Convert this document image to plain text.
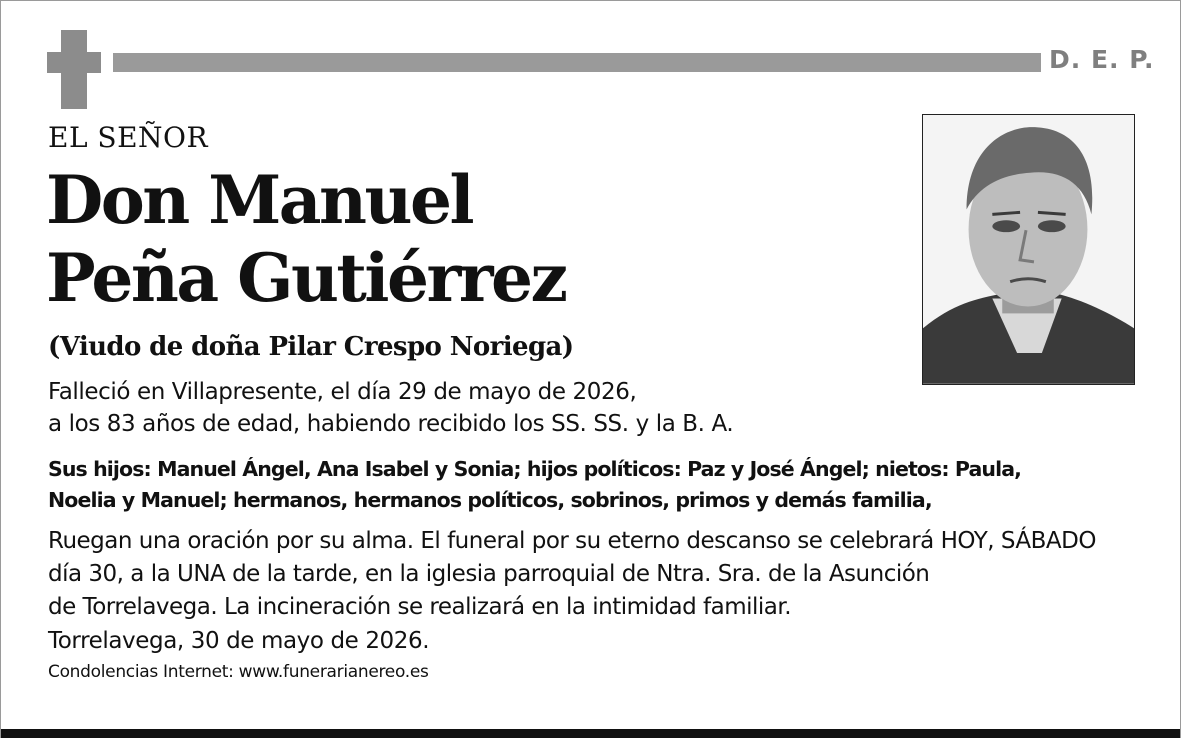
D. E. P.
EL SEÑOR
Don Manuel
Peña Gutiérrez
(Viudo de doña Pilar Crespo Noriega)
Falleció en Villapresente, el día 29 de mayo de 2026,
a los 83 años de edad, habiendo recibido los SS. SS. y la B. A.
Sus hijos: Manuel Ángel, Ana Isabel y Sonia; hijos políticos: Paz y José Ángel; nietos: Paula,
Noelia y Manuel; hermanos, hermanos políticos, sobrinos, primos y demás familia,
Ruegan una oración por su alma. El funeral por su eterno descanso se celebrará HOY, SÁBADO
día 30, a la UNA de la tarde, en la iglesia parroquial de Ntra. Sra. de la Asunción
de Torrelavega. La incineración se realizará en la intimidad familiar.
Torrelavega, 30 de mayo de 2026.
Condolencias Internet: www.funerarianereo.es
